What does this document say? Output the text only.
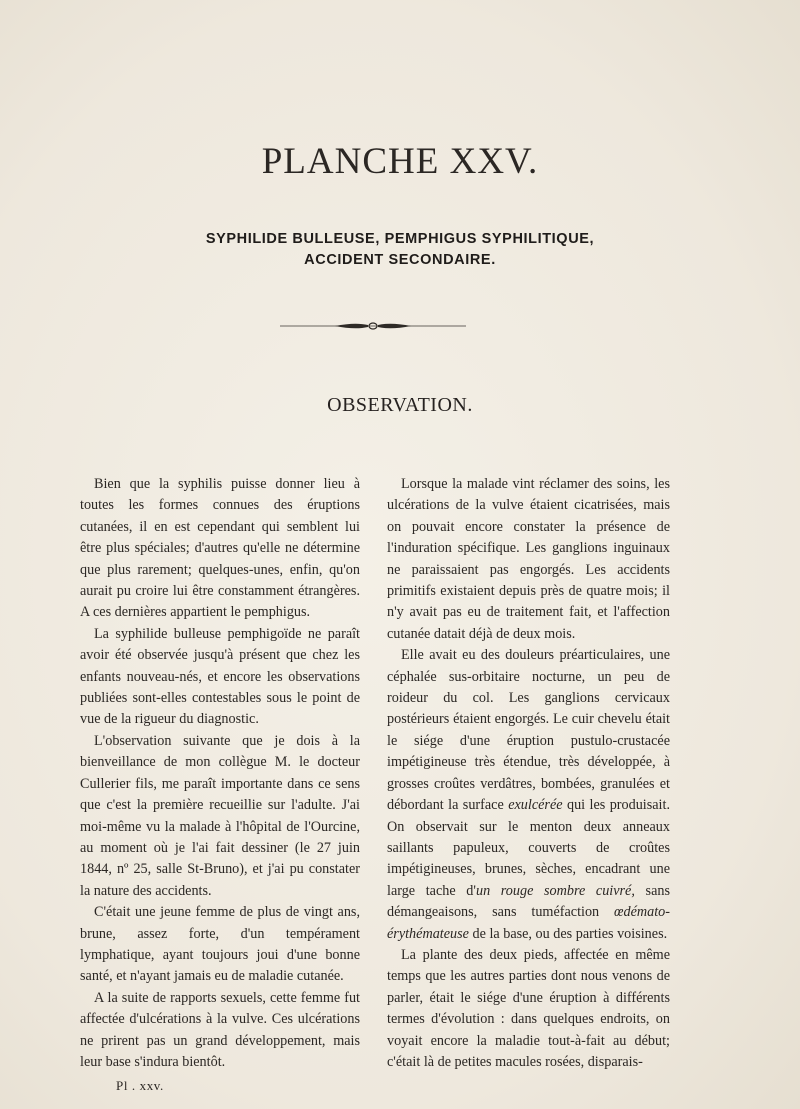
PLANCHE XXV.
SYPHILIDE BULLEUSE, PEMPHIGUS SYPHILITIQUE,
ACCIDENT SECONDAIRE.
OBSERVATION.

Bien que la syphilis puisse donner lieu à toutes les formes connues des éruptions cutanées, il en est cependant qui semblent lui être plus spéciales; d'autres qu'elle ne détermine que plus rarement; quelques-unes, enfin, qu'on aurait pu croire lui être constamment étrangères. A ces dernières appartient le pemphigus.

La syphilide bulleuse pemphigoïde ne paraît avoir été observée jusqu'à présent que chez les enfants nouveau-nés, et encore les observations publiées sont-elles contestables sous le point de vue de la rigueur du diagnostic.

L'observation suivante que je dois à la bienveillance de mon collègue M. le docteur Cullerier fils, me paraît importante dans ce sens que c'est la première recueillie sur l'adulte. J'ai moi-même vu la malade à l'hôpital de l'Ourcine, au moment où je l'ai fait dessiner (le 27 juin 1844, nº 25, salle St-Bruno), et j'ai pu constater la nature des accidents.

C'était une jeune femme de plus de vingt ans, brune, assez forte, d'un tempérament lymphatique, ayant toujours joui d'une bonne santé, et n'ayant jamais eu de maladie cutanée.

A la suite de rapports sexuels, cette femme fut affectée d'ulcérations à la vulve. Ces ulcérations ne prirent pas un grand développement, mais leur base s'indura bientôt.

Pl . xxv.

Lorsque la malade vint réclamer des soins, les ulcérations de la vulve étaient cicatrisées, mais on pouvait encore constater la présence de l'induration spécifique. Les ganglions inguinaux ne paraissaient pas engorgés. Les accidents primitifs existaient depuis près de quatre mois; il n'y avait pas eu de traitement fait, et l'affection cutanée datait déjà de deux mois.

Elle avait eu des douleurs préarticulaires, une céphalée sus-orbitaire nocturne, un peu de roideur du col. Les ganglions cervicaux postérieurs étaient engorgés. Le cuir chevelu était le siége d'une éruption pustulo-crustacée impétigineuse très étendue, très développée, à grosses croûtes verdâtres, bombées, granulées et débordant la surface exulcérée qui les produisait. On observait sur le menton deux anneaux saillants papuleux, couverts de croûtes impétigineuses, brunes, sèches, encadrant une large tache d'un rouge sombre cuivré, sans démangeaisons, sans tuméfaction œdémato-érythémateuse de la base, ou des parties voisines.

La plante des deux pieds, affectée en même temps que les autres parties dont nous venons de parler, était le siége d'une éruption à différents termes d'évolution : dans quelques endroits, on voyait encore la maladie tout-à-fait au début; c'était là de petites macules rosées, disparais-
